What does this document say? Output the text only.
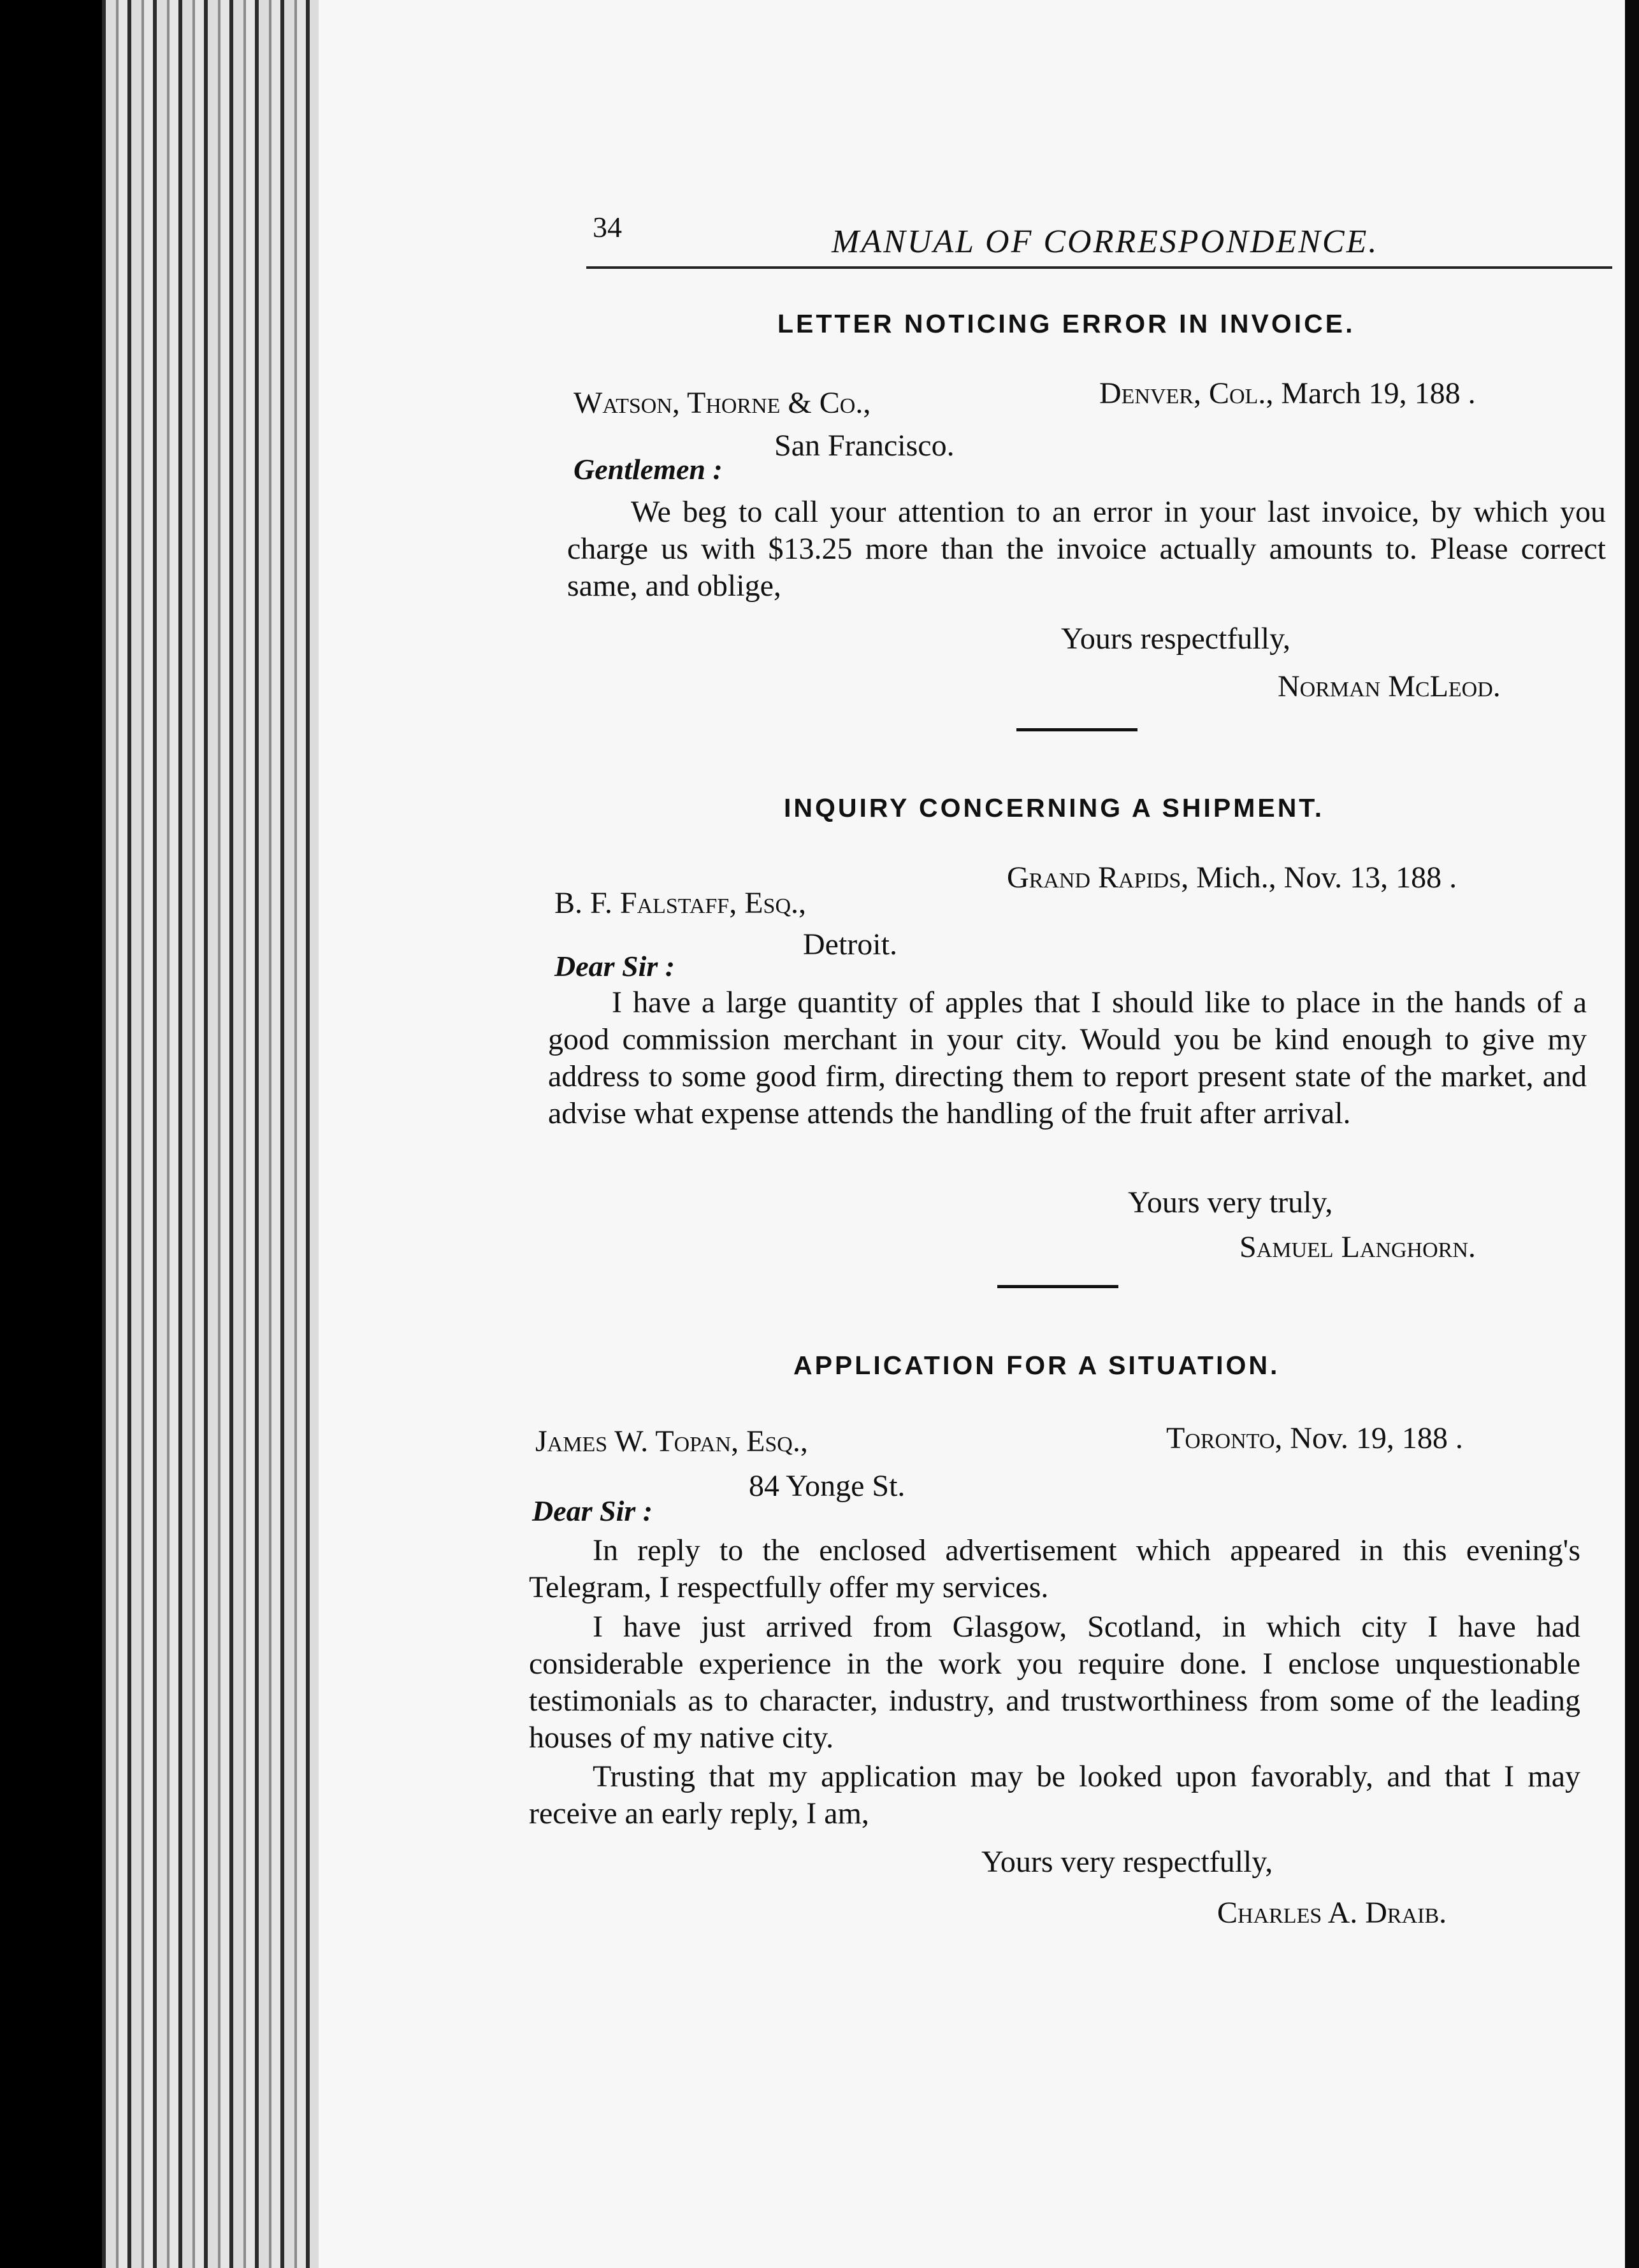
34	MANUAL OF CORRESPONDENCE.
LETTER NOTICING ERROR IN INVOICE.
Denver, Col., March 19, 188 .
Watson, Thorne & Co.,
San Francisco.
Gentlemen :
We beg to call your attention to an error in your last invoice, by which you charge us with $13.25 more than the invoice actually amounts to. Please correct same, and oblige,
Yours respectfully,
Norman McLeod.
INQUIRY CONCERNING A SHIPMENT.
Grand Rapids, Mich., Nov. 13, 188 .
B. F. Falstaff, Esq.,
Detroit.
Dear Sir :
I have a large quantity of apples that I should like to place in the hands of a good commission merchant in your city. Would you be kind enough to give my address to some good firm, directing them to report present state of the market, and advise what expense attends the handling of the fruit after arrival.
Yours very truly,
Samuel Langhorn.
APPLICATION FOR A SITUATION.
Toronto, Nov. 19, 188 .
James W. Topan, Esq.,
84 Yonge St.
Dear Sir :
In reply to the enclosed advertisement which appeared in this evening's Telegram, I respectfully offer my services.
I have just arrived from Glasgow, Scotland, in which city I have had considerable experience in the work you require done. I enclose unquestionable testimonials as to character, industry, and trustworthiness from some of the leading houses of my native city.
Trusting that my application may be looked upon favorably, and that I may receive an early reply, I am,
Yours very respectfully,
Charles A. Draib.
